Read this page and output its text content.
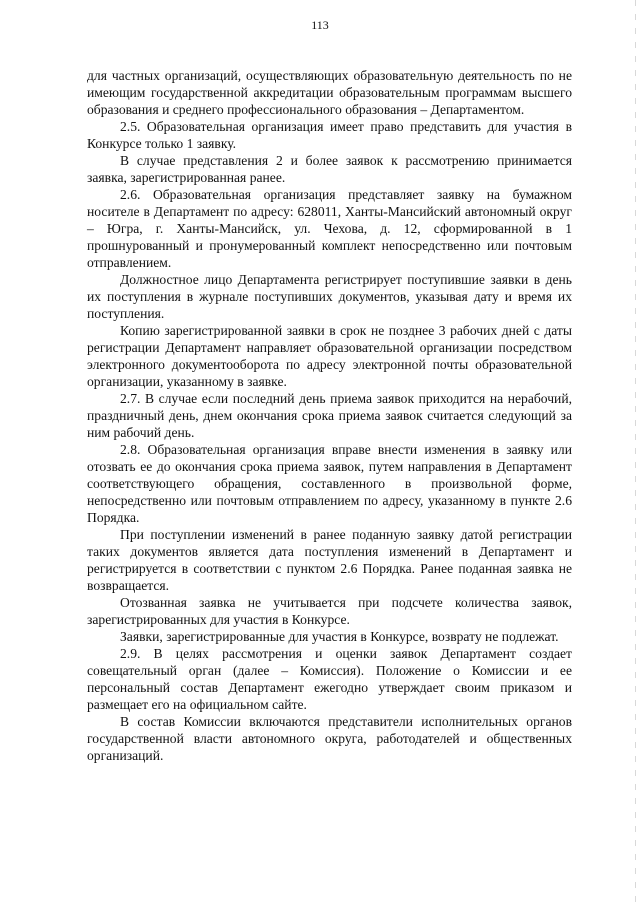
113

для частных организаций, осуществляющих образовательную деятельность по не имеющим государственной аккредитации образовательным программам высшего образования и среднего профессионального образования – Департаментом.

2.5. Образовательная организация имеет право представить для участия в Конкурсе только 1 заявку.

В случае представления 2 и более заявок к рассмотрению принимается заявка, зарегистрированная ранее.

2.6. Образовательная организация представляет заявку на бумажном носителе в Департамент по адресу: 628011, Ханты-Мансийский автономный округ – Югра, г. Ханты-Мансийск, ул. Чехова, д. 12, сформированной в 1 прошнурованный и пронумерованный комплект непосредственно или почтовым отправлением.

Должностное лицо Департамента регистрирует поступившие заявки в день их поступления в журнале поступивших документов, указывая дату и время их поступления.

Копию зарегистрированной заявки в срок не позднее 3 рабочих дней с даты регистрации Департамент направляет образовательной организации посредством электронного документооборота по адресу электронной почты образовательной организации, указанному в заявке.

2.7. В случае если последний день приема заявок приходится на нерабочий, праздничный день, днем окончания срока приема заявок считается следующий за ним рабочий день.

2.8. Образовательная организация вправе внести изменения в заявку или отозвать ее до окончания срока приема заявок, путем направления в Департамент соответствующего обращения, составленного в произвольной форме, непосредственно или почтовым отправлением по адресу, указанному в пункте 2.6 Порядка.

При поступлении изменений в ранее поданную заявку датой регистрации таких документов является дата поступления изменений в Департамент и регистрируется в соответствии с пунктом 2.6 Порядка. Ранее поданная заявка не возвращается.

Отозванная заявка не учитывается при подсчете количества заявок, зарегистрированных для участия в Конкурсе.

Заявки, зарегистрированные для участия в Конкурсе, возврату не подлежат.

2.9. В целях рассмотрения и оценки заявок Департамент создает совещательный орган (далее – Комиссия). Положение о Комиссии и ее персональный состав Департамент ежегодно утверждает своим приказом и размещает его на официальном сайте.

В состав Комиссии включаются представители исполнительных органов государственной власти автономного округа, работодателей и общественных организаций.
